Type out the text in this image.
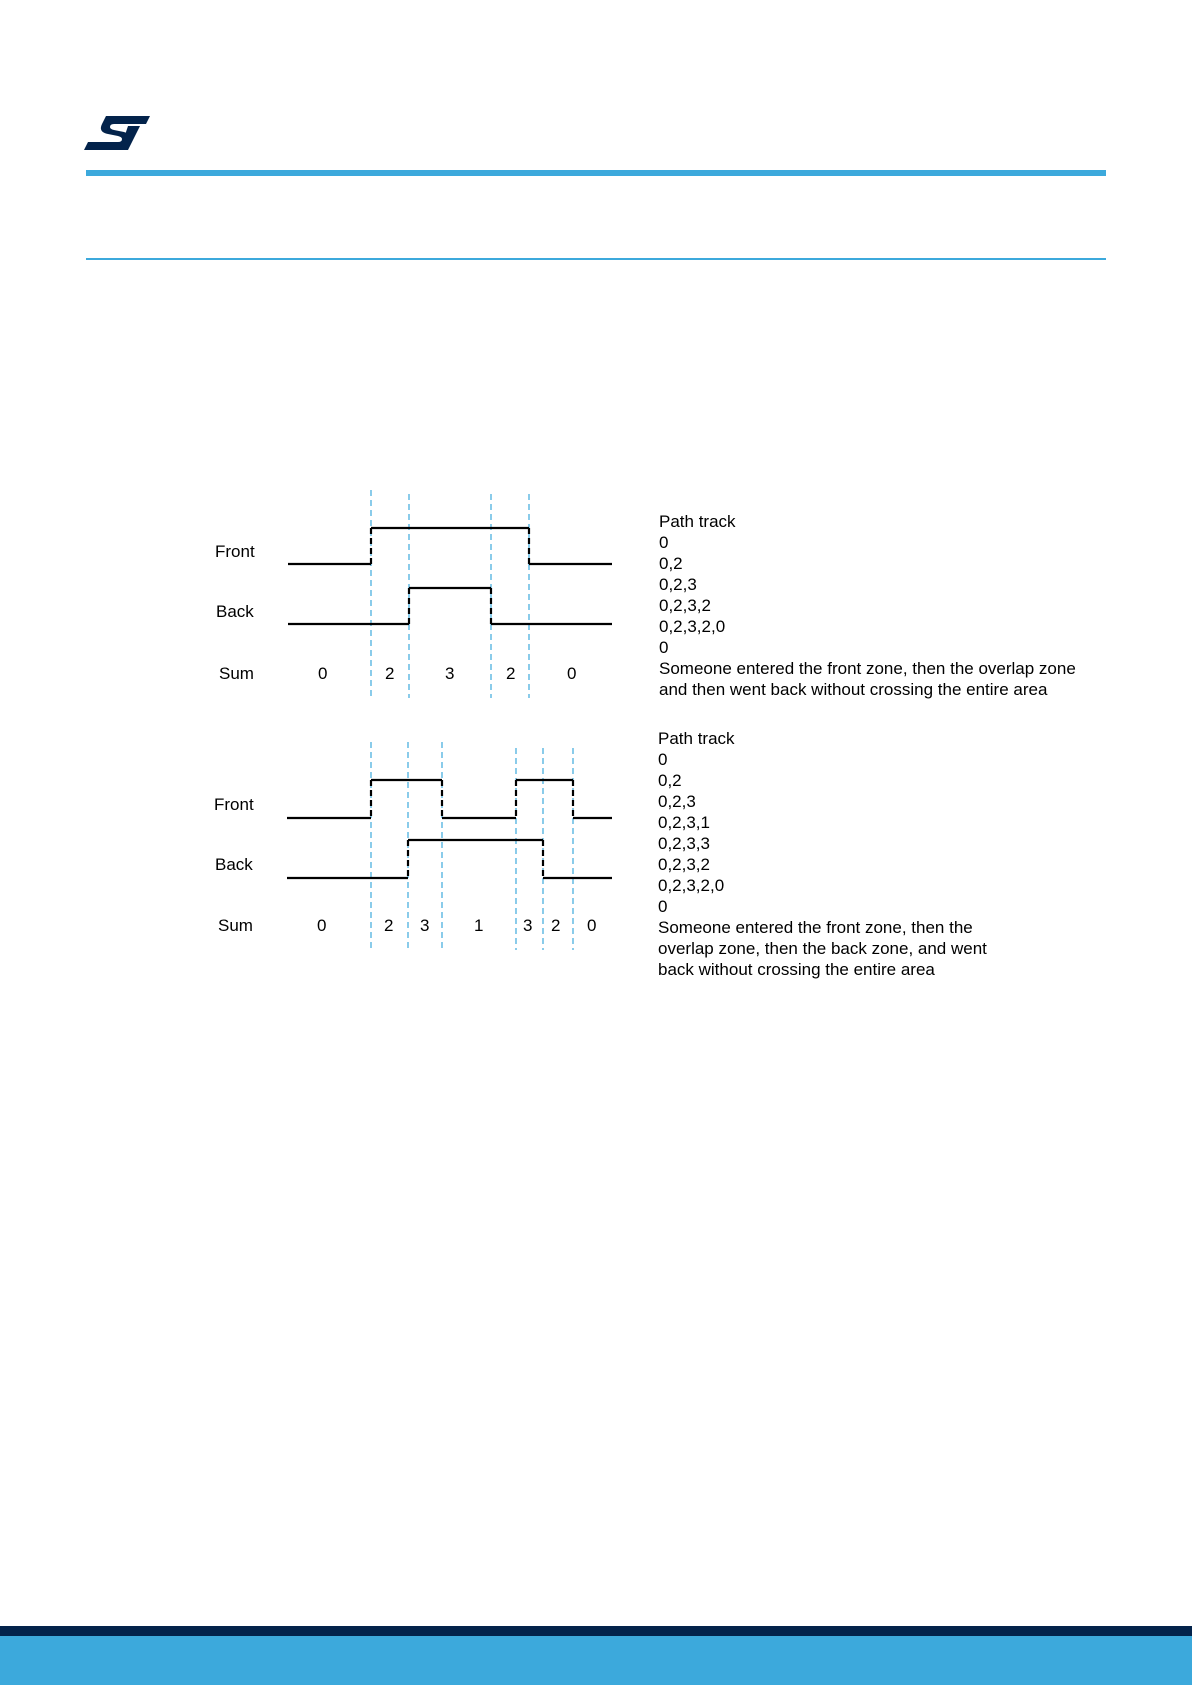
Front
Back
Sum	0	2	3	2	0
Path track
0
0,2
0,2,3
0,2,3,2
0,2,3,2,0
0
Someone entered the front zone, then the overlap zone
and then went back without crossing the entire area
Front
Back
Sum	0	2 3	1 3 2 0
Path track
0
0,2
0,2,3
0,2,3,1
0,2,3,3
0,2,3,2
0,2,3,2,0
0
Someone entered the front zone, then the
overlap zone, then the back zone, and went
back without crossing the entire area
